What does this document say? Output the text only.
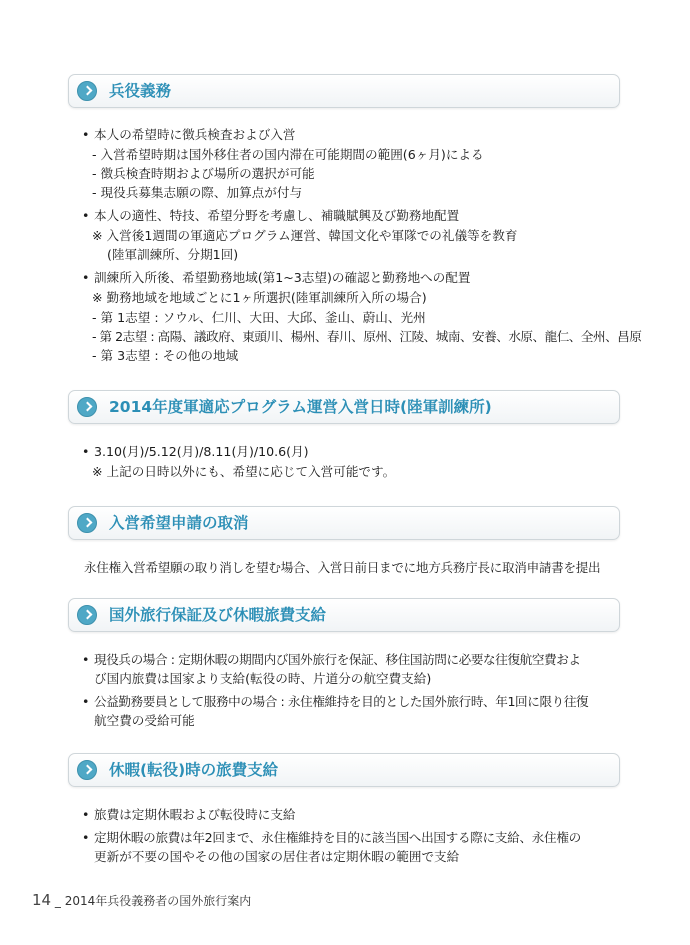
兵役義務
• 本人の希望時に徴兵検査および入営
- 入営希望時期は国外移住者の国内滞在可能期間の範囲(6ヶ月)による
- 徴兵検査時期および場所の選択が可能
- 現役兵募集志願の際、加算点が付与
• 本人の適性、特技、希望分野を考慮し、補職賦興及び勤務地配置
※ 入営後1週間の軍適応プログラム運営、韓国文化や軍隊での礼儀等を教育
(陸軍訓練所、分期1回)
• 訓練所入所後、希望勤務地域(第1~3志望)の確認と勤務地への配置
※ 勤務地域を地域ごとに1ヶ所選択(陸軍訓練所入所の場合)
- 第 1志望 : ソウル、仁川、大田、大邱、釜山、蔚山、光州
- 第 2志望 : 高陽、議政府、東頭川、楊州、春川、原州、江陵、城南、安養、水原、龍仁、全州、昌原
- 第 3志望 : その他の地域
2014年度軍適応プログラム運営入営日時(陸軍訓練所)
• 3.10(月)/5.12(月)/8.11(月)/10.6(月)
※ 上記の日時以外にも、希望に応じて入営可能です。
入営希望申請の取消
永住権入営希望願の取り消しを望む場合、入営日前日までに地方兵務庁長に取消申請書を提出
国外旅行保証及び休暇旅費支給
• 現役兵の場合 : 定期休暇の期間内び国外旅行を保証、移住国訪問に必要な往復航空費およ
び国内旅費は国家より支給(転役の時、片道分の航空費支給)
• 公益勤務要員として服務中の場合 : 永住権維持を目的とした国外旅行時、年1回に限り往復
航空費の受給可能
休暇(転役)時の旅費支給
• 旅費は定期休暇および転役時に支給
• 定期休暇の旅費は年2回まで、永住権維持を目的に該当国へ出国する際に支給、永住権の
更新が不要の国やその他の国家の居住者は定期休暇の範囲で支給
14 _ 2014年兵役義務者の国外旅行案内
